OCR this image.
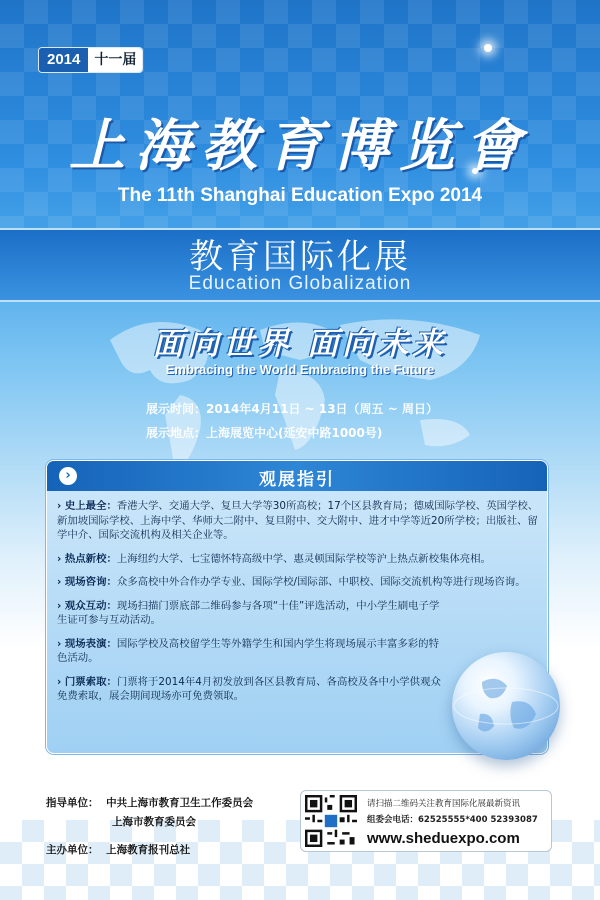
2014	十一届
上海教育博览會
The 11th Shanghai Education Expo 2014
教育国际化展
Education Globalization
面向世界 面向未来
Embracing the World Embracing the Future
展示时间：2014年4月11日 ~ 13日（周五 ~ 周日）
展示地点：上海展览中心(延安中路1000号)
›	观展指引
› 史上最全：香港大学、交通大学、复旦大学等30所高校；17个区县教育局；德威国际学校、英国学校、新加坡国际学校、上海中学、华师大二附中、复旦附中、交大附中、进才中学等近20所学校；出版社、留学中介、国际交流机构及相关企业等。
› 热点新校：上海纽约大学、七宝德怀特高级中学、惠灵顿国际学校等沪上热点新校集体亮相。
› 现场咨询：众多高校中外合作办学专业、国际学校/国际部、中职校、国际交流机构等进行现场咨询。
› 观众互动：现场扫描门票底部二维码参与各项“十佳”评选活动，中小学生刷电子学生证可参与互动活动。
› 现场表演：国际学校及高校留学生等外籍学生和国内学生将现场展示丰富多彩的特色活动。
› 门票索取：门票将于2014年4月初发放到各区县教育局、各高校及各中小学供观众免费索取，展会期间现场亦可免费领取。
指导单位： 中共上海市教育卫生工作委员会
上海市教育委员会
主办单位： 上海教育报刊总社
请扫描二维码关注教育国际化展最新资讯
组委会电话：62525555*400 52393087
www.sheduexpo.com
